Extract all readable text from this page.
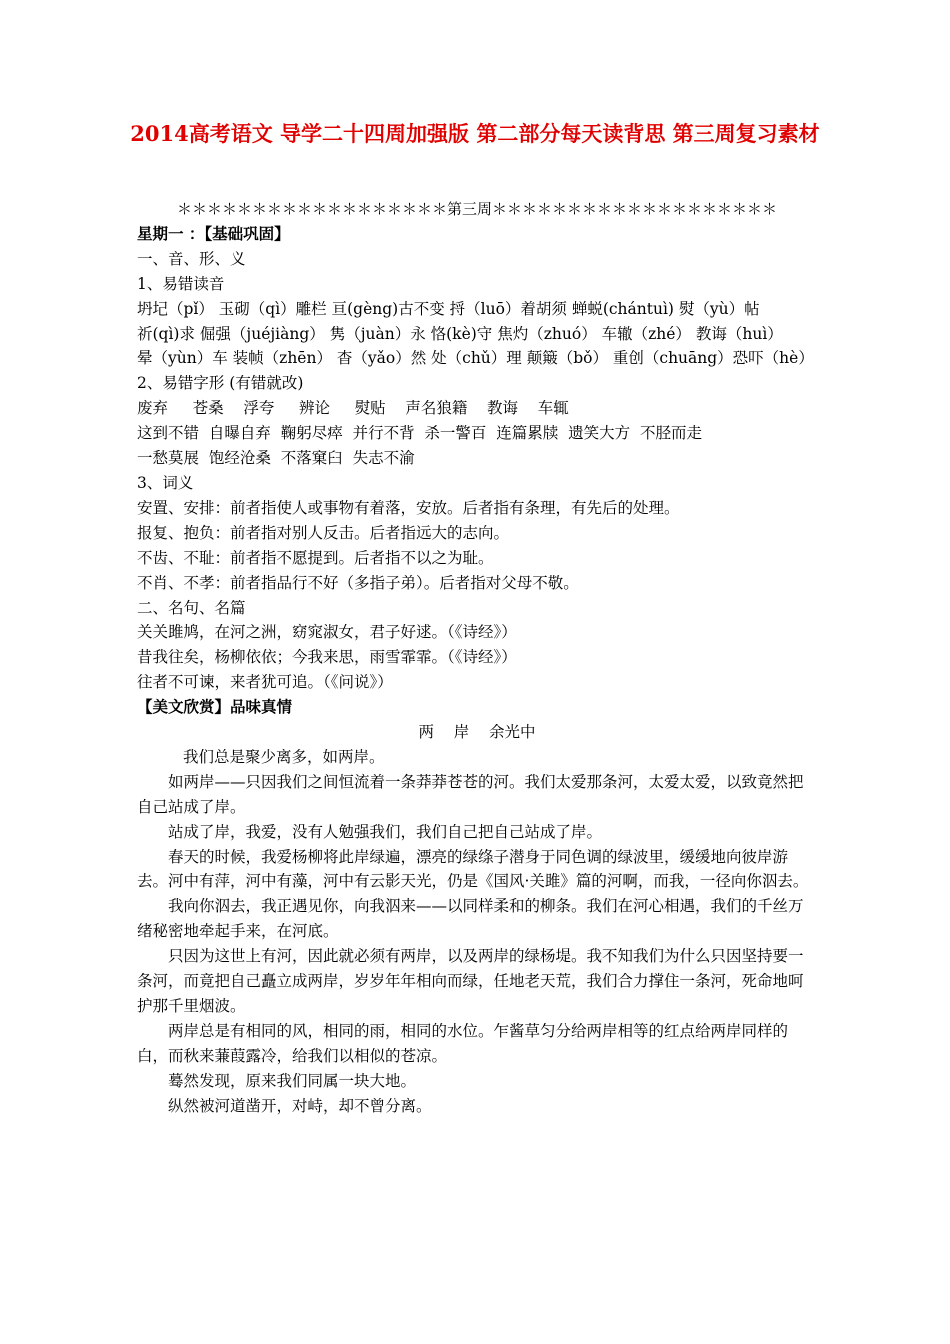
2014高考语文 导学二十四周加强版 第二部分每天读背思 第三周复习素材

＊＊＊＊＊＊＊＊＊＊＊＊＊＊＊＊＊＊第三周＊＊＊＊＊＊＊＊＊＊＊＊＊＊＊＊＊＊＊

星期一 ：【基础巩固】

一、音、形、义

1、易错读音

坍圮（pǐ） 玉砌（qì）雕栏 亘(gèng)古不变 捋（luō）着胡须 蝉蜕(chántuì) 熨（yù）帖

祈(qì)求 倔强（juéjiàng） 隽（juàn）永 恪(kè)守 焦灼（zhuó） 车辙（zhé） 教诲（huì）

晕（yùn）车 装帧（zhēn） 杳（yǎo）然 处（chǔ）理 颠簸（bǒ） 重创（chuāng）恐吓（hè）

2、易错字形 (有错就改)

废弃     苍桑    浮夸     辨论     熨贴    声名狼籍    教诲    车辄

这到不错  自曝自弃  鞠躬尽瘁  并行不背  杀一警百  连篇累牍  遗笑大方  不胫而走

一愁莫展  饱经沧桑  不落窠臼  失志不渝

3、词义

安置、安排：前者指使人或事物有着落，安放。后者指有条理，有先后的处理。

报复、抱负：前者指对别人反击。后者指远大的志向。

不齿、不耻：前者指不愿提到。后者指不以之为耻。

不肖、不孝：前者指品行不好（多指子弟）。后者指对父母不敬。

二、名句、名篇

关关雎鸠，在河之洲，窈窕淑女，君子好逑。（《诗经》）

昔我往矣，杨柳依依；今我来思，雨雪霏霏。（《诗经》）

往者不可谏，来者犹可追。（《问说》）

【美文欣赏】品味真情

两    岸    余光中

我们总是聚少离多，如两岸。

如两岸——只因我们之间恒流着一条莽莽苍苍的河。我们太爱那条河，太爱太爱，以致竟然把自己站成了岸。

站成了岸，我爱，没有人勉强我们，我们自己把自己站成了岸。

春天的时候，我爱杨柳将此岸绿遍，漂亮的绿绦子潜身于同色调的绿波里，缓缓地向彼岸游去。河中有萍，河中有藻，河中有云影天光，仍是《国风·关雎》篇的河啊，而我，一径向你泅去。

我向你泅去，我正遇见你，向我泅来——以同样柔和的柳条。我们在河心相遇，我们的千丝万绪秘密地牵起手来，在河底。

只因为这世上有河，因此就必须有两岸，以及两岸的绿杨堤。我不知我们为什么只因坚持要一条河，而竟把自己矗立成两岸，岁岁年年相向而绿，任地老天荒，我们合力撑住一条河，死命地呵护那千里烟波。

两岸总是有相同的风，相同的雨，相同的水位。乍酱草匀分给两岸相等的红点给两岸同样的白，而秋来蒹葭露冷，给我们以相似的苍凉。

蓦然发现，原来我们同属一块大地。

纵然被河道凿开，对峙，却不曾分离。
